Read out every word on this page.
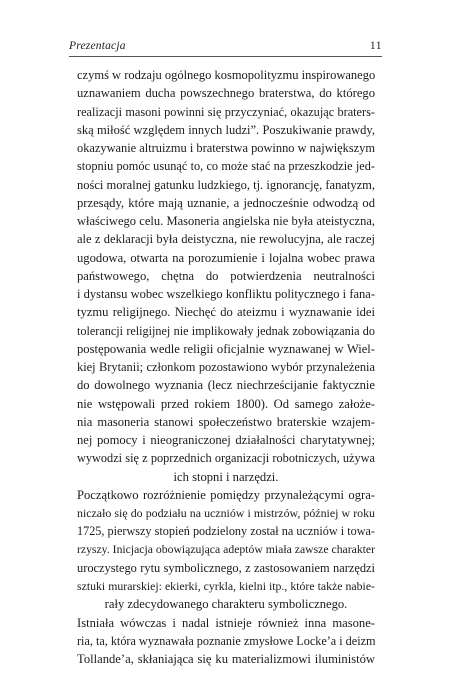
Prezentacja	11
czymś w rodzaju ogólnego kosmopolityzmu inspirowanego
uznawaniem ducha powszechnego braterstwa, do którego
realizacji masoni powinni się przyczyniać, okazując braters-
ską miłość względem innych ludzi”. Poszukiwanie prawdy,
okazywanie altruizmu i braterstwa powinno w największym
stopniu pomóc usunąć to, co może stać na przeszkodzie jed-
ności moralnej gatunku ludzkiego, tj. ignorancję, fanatyzm,
przesądy, które mają uznanie, a jednocześnie odwodzą od
właściwego celu. Masoneria angielska nie była ateistyczna,
ale z deklaracji była deistyczna, nie rewolucyjna, ale raczej
ugodowa, otwarta na porozumienie i lojalna wobec prawa
państwowego, chętna do potwierdzenia neutralności
i dystansu wobec wszelkiego konfliktu politycznego i fana-
tyzmu religijnego. Niechęć do ateizmu i wyznawanie idei
tolerancji religijnej nie implikowały jednak zobowiązania do
postępowania wedle religii oficjalnie wyznawanej w Wiel-
kiej Brytanii; członkom pozostawiono wybór przynależenia
do dowolnego wyznania (lecz niechrześcijanie faktycznie
nie wstępowali przed rokiem 1800). Od samego założe-
nia masoneria stanowi społeczeństwo braterskie wzajem-
nej pomocy i nieograniczonej działalności charytatywnej;
wywodzi się z poprzednich organizacji robotniczych, używa
ich stopni i narzędzi.
Początkowo rozróżnienie pomiędzy przynależącymi ogra-
niczało się do podziału na uczniów i mistrzów, później w roku
1725, pierwszy stopień podzielony został na uczniów i towa-
rzyszy. Inicjacja obowiązująca adeptów miała zawsze charakter
uroczystego rytu symbolicznego, z zastosowaniem narzędzi
sztuki murarskiej: ekierki, cyrkla, kielni itp., które także nabie-
rały zdecydowanego charakteru symbolicznego.
Istniała wówczas i nadal istnieje również inna masone-
ria, ta, która wyznawała poznanie zmysłowe Locke’a i deizm
Tollande’a, skłaniająca się ku materializmowi iluministów
